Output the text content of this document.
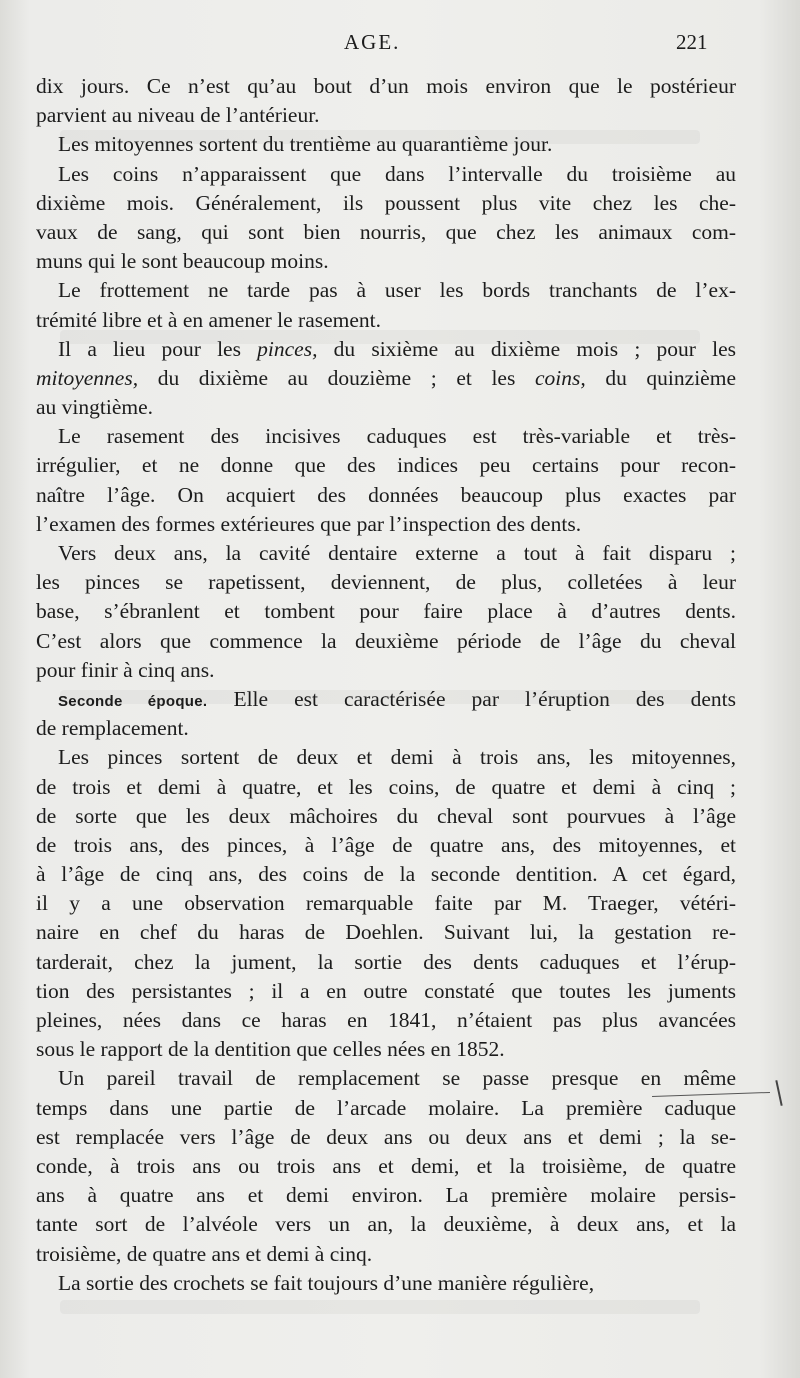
AGE.	221

dix jours. Ce n’est qu’au bout d’un mois environ que le postérieur
parvient au niveau de l’antérieur.

Les mitoyennes sortent du trentième au quarantième jour.

Les coins n’apparaissent que dans l’intervalle du troisième au
dixième mois. Généralement, ils poussent plus vite chez les che-
vaux de sang, qui sont bien nourris, que chez les animaux com-
muns qui le sont beaucoup moins.

Le frottement ne tarde pas à user les bords tranchants de l’ex-
trémité libre et à en amener le rasement.

Il a lieu pour les pinces, du sixième au dixième mois ; pour les
mitoyennes, du dixième au douzième ; et les coins, du quinzième
au vingtième.

Le rasement des incisives caduques est très-variable et très-
irrégulier, et ne donne que des indices peu certains pour recon-
naître l’âge. On acquiert des données beaucoup plus exactes par
l’examen des formes extérieures que par l’inspection des dents.

Vers deux ans, la cavité dentaire externe a tout à fait disparu ;
les pinces se rapetissent, deviennent, de plus, colletées à leur
base, s’ébranlent et tombent pour faire place à d’autres dents.
C’est alors que commence la deuxième période de l’âge du cheval
pour finir à cinq ans.

Seconde époque. Elle est caractérisée par l’éruption des dents
de remplacement.

Les pinces sortent de deux et demi à trois ans, les mitoyennes,
de trois et demi à quatre, et les coins, de quatre et demi à cinq ;
de sorte que les deux mâchoires du cheval sont pourvues à l’âge
de trois ans, des pinces, à l’âge de quatre ans, des mitoyennes, et
à l’âge de cinq ans, des coins de la seconde dentition. A cet égard,
il y a une observation remarquable faite par M. Traeger, vétéri-
naire en chef du haras de Doehlen. Suivant lui, la gestation re-
tarderait, chez la jument, la sortie des dents caduques et l’érup-
tion des persistantes ; il a en outre constaté que toutes les juments
pleines, nées dans ce haras en 1841, n’étaient pas plus avancées
sous le rapport de la dentition que celles nées en 1852.

Un pareil travail de remplacement se passe presque en même
temps dans une partie de l’arcade molaire. La première caduque
est remplacée vers l’âge de deux ans ou deux ans et demi ; la se-
conde, à trois ans ou trois ans et demi, et la troisième, de quatre
ans à quatre ans et demi environ. La première molaire persis-
tante sort de l’alvéole vers un an, la deuxième, à deux ans, et la
troisième, de quatre ans et demi à cinq.

La sortie des crochets se fait toujours d’une manière régulière,
